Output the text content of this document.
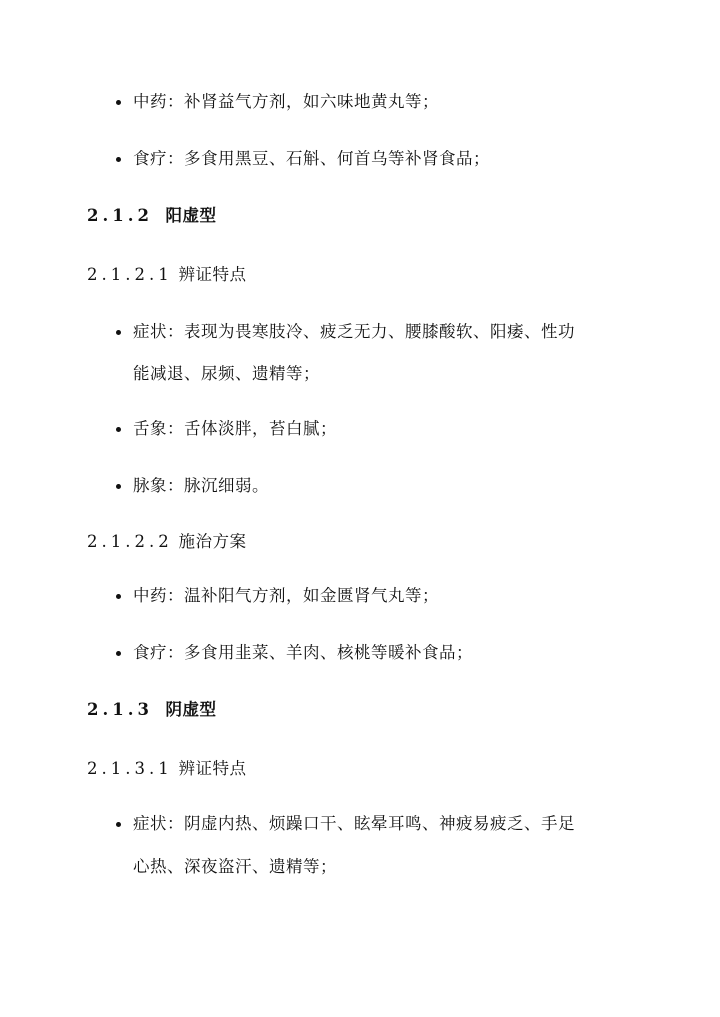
中药：补肾益气方剂，如六味地黄丸等；
食疗：多食用黑豆、石斛、何首乌等补肾食品；
2.1.2 阳虚型
2.1.2.1 辨证特点
症状：表现为畏寒肢冷、疲乏无力、腰膝酸软、阳痿、性功
能减退、尿频、遗精等；
舌象：舌体淡胖，苔白腻；
脉象：脉沉细弱。
2.1.2.2 施治方案
中药：温补阳气方剂，如金匮肾气丸等；
食疗：多食用韭菜、羊肉、核桃等暖补食品；
2.1.3 阴虚型
2.1.3.1 辨证特点
症状：阴虚内热、烦躁口干、眩晕耳鸣、神疲易疲乏、手足
心热、深夜盗汗、遗精等；
